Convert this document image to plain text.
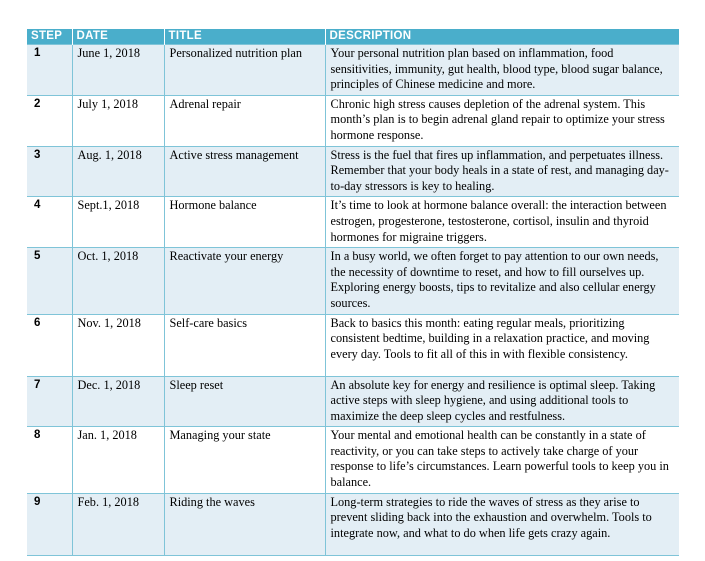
STEP	DATE	TITLE	DESCRIPTION
1	June 1, 2018	Personalized nutrition plan	Your personal nutrition plan based on inflammation, food sensitivities, immunity, gut health, blood type, blood sugar balance, principles of Chinese medicine and more.
2	July 1, 2018	Adrenal repair	Chronic high stress causes depletion of the adrenal system. This month’s plan is to begin adrenal gland repair to optimize your stress hormone response.
3	Aug. 1, 2018	Active stress management	Stress is the fuel that fires up inflammation, and perpetuates illness. Remember that your body heals in a state of rest, and managing day-to-day stressors is key to healing.
4	Sept.1, 2018	Hormone balance	It’s time to look at hormone balance overall: the interaction between estrogen, progesterone, testosterone, cortisol, insulin and thyroid hormones for migraine triggers.
5	Oct. 1, 2018	Reactivate your energy	In a busy world, we often forget to pay attention to our own needs, the necessity of downtime to reset, and how to fill ourselves up. Exploring energy boosts, tips to revitalize and also cellular energy sources.
6	Nov. 1, 2018	Self-care basics	Back to basics this month: eating regular meals, prioritizing consistent bedtime, building in a relaxation practice, and moving every day. Tools to fit all of this in with flexible consistency.
7	Dec. 1, 2018	Sleep reset	An absolute key for energy and resilience is optimal sleep. Taking active steps with sleep hygiene, and using additional tools to maximize the deep sleep cycles and restfulness.
8	Jan. 1, 2018	Managing your state	Your mental and emotional health can be constantly in a state of reactivity, or you can take steps to actively take charge of your response to life’s circumstances. Learn powerful tools to keep you in balance.
9	Feb. 1, 2018	Riding the waves	Long-term strategies to ride the waves of stress as they arise to prevent sliding back into the exhaustion and overwhelm. Tools to integrate now, and what to do when life gets crazy again.
